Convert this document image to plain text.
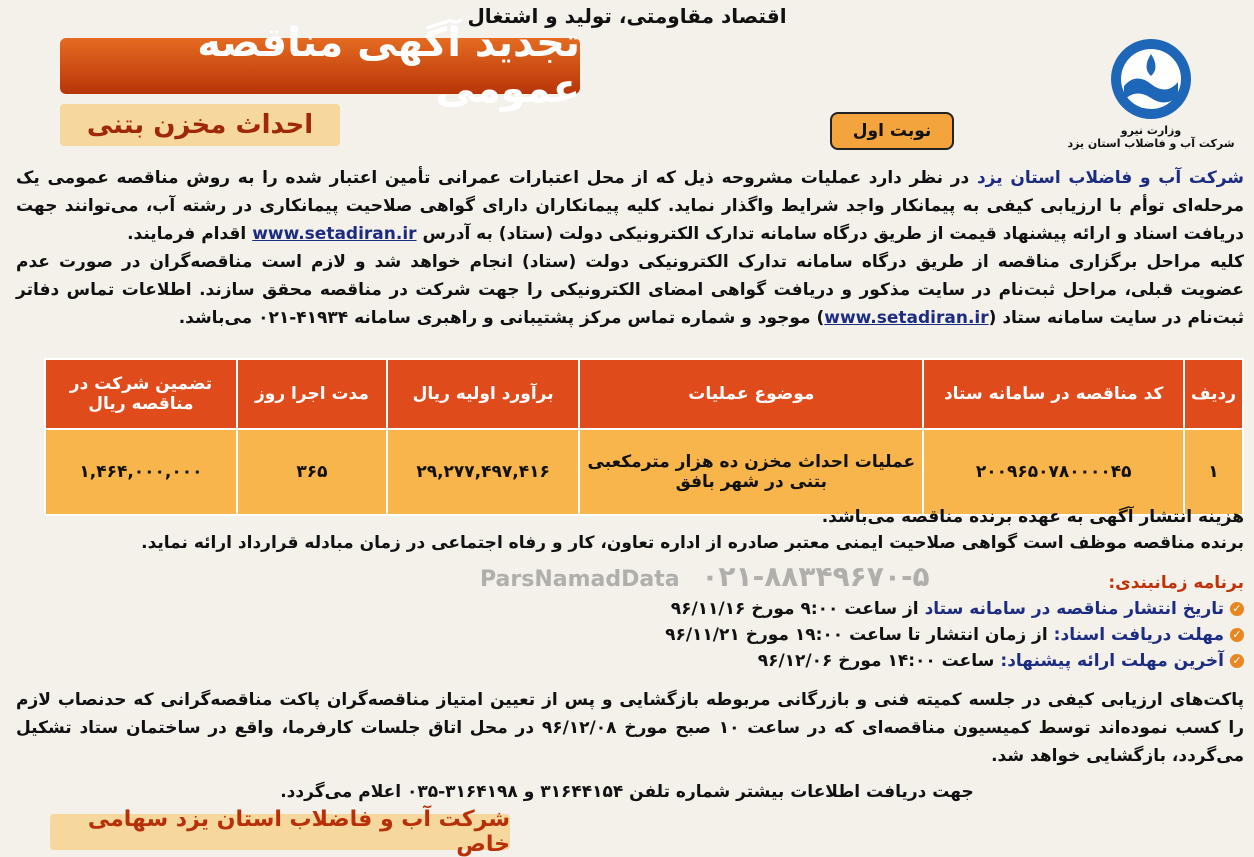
اقتصاد مقاومتی، تولید و اشتغال
وزارت نیرو
شرکت آب و فاضلاب استان یزد
تجدید آگهی مناقصه عمومی
نوبت اول
احداث مخزن بتنی
شرکت آب و فاضلاب استان یزد در نظر دارد عملیات مشروحه ذیل که از محل اعتبارات عمرانی تأمین اعتبار شده را به روش مناقصه عمومی یک مرحله‌ای توأم با ارزیابی کیفی به پیمانکار واجد شرایط واگذار نماید. کلیه پیمانکاران دارای گواهی صلاحیت پیمانکاری در رشته آب، می‌توانند جهت دریافت اسناد و ارائه پیشنهاد قیمت از طریق درگاه سامانه تدارک الکترونیکی دولت (ستاد) به آدرس www.setadiran.ir اقدام فرمایند.
کلیه مراحل برگزاری مناقصه از طریق درگاه سامانه تدارک الکترونیکی دولت (ستاد) انجام خواهد شد و لازم است مناقصه‌گران در صورت عدم عضویت قبلی، مراحل ثبت‌نام در سایت مذکور و دریافت گواهی امضای الکترونیکی را جهت شرکت در مناقصه محقق سازند. اطلاعات تماس دفاتر ثبت‌نام در سایت سامانه ستاد (www.setadiran.ir) موجود و شماره تماس مرکز پشتیبانی و راهبری سامانه ۴۱۹۳۴-۰۲۱ می‌باشد.
ردیف	کد مناقصه در سامانه ستاد	موضوع عملیات	برآورد اولیه ریال	مدت اجرا روز	تضمین شرکت در مناقصه ریال
۱	۲۰۰۹۶۵۰۷۸۰۰۰۰۴۵	عملیات احداث مخزن ده هزار مترمکعبی بتنی در شهر بافق	۲۹,۲۷۷,۴۹۷,۴۱۶	۳۶۵	۱,۴۶۴,۰۰۰,۰۰۰
هزینه انتشار آگهی به عهده برنده مناقصه می‌باشد.
برنده مناقصه موظف است گواهی صلاحیت ایمنی معتبر صادره از اداره تعاون، کار و رفاه اجتماعی در زمان مبادله قرارداد ارائه نماید.
ParsNamadData ۰۲۱-۸۸۳۴۹۶۷۰-۵	برنامه زمانبندی:
✓
تاریخ انتشار مناقصه در سامانه ستاد
از ساعت ۹:۰۰ مورخ ۹۶/۱۱/۱۶
✓
مهلت دریافت اسناد:
از زمان انتشار تا ساعت ۱۹:۰۰ مورخ ۹۶/۱۱/۲۱
✓
آخرین مهلت ارائه پیشنهاد:
ساعت ۱۴:۰۰ مورخ ۹۶/۱۲/۰۶
پاکت‌های ارزیابی کیفی در جلسه کمیته فنی و بازرگانی مربوطه بازگشایی و پس از تعیین امتیاز مناقصه‌گران پاکت مناقصه‌گرانی که حدنصاب لازم را کسب نموده‌اند توسط کمیسیون مناقصه‌ای که در ساعت ۱۰ صبح مورخ ۹۶/۱۲/۰۸ در محل اتاق جلسات کارفرما، واقع در ساختمان ستاد تشکیل می‌گردد، بازگشایی خواهد شد.
جهت دریافت اطلاعات بیشتر شماره تلفن ۳۱۶۴۴۱۵۴ و ۳۱۶۴۱۹۸-۰۳۵ اعلام می‌گردد.
شرکت آب و فاضلاب استان یزد سهامی خاص
